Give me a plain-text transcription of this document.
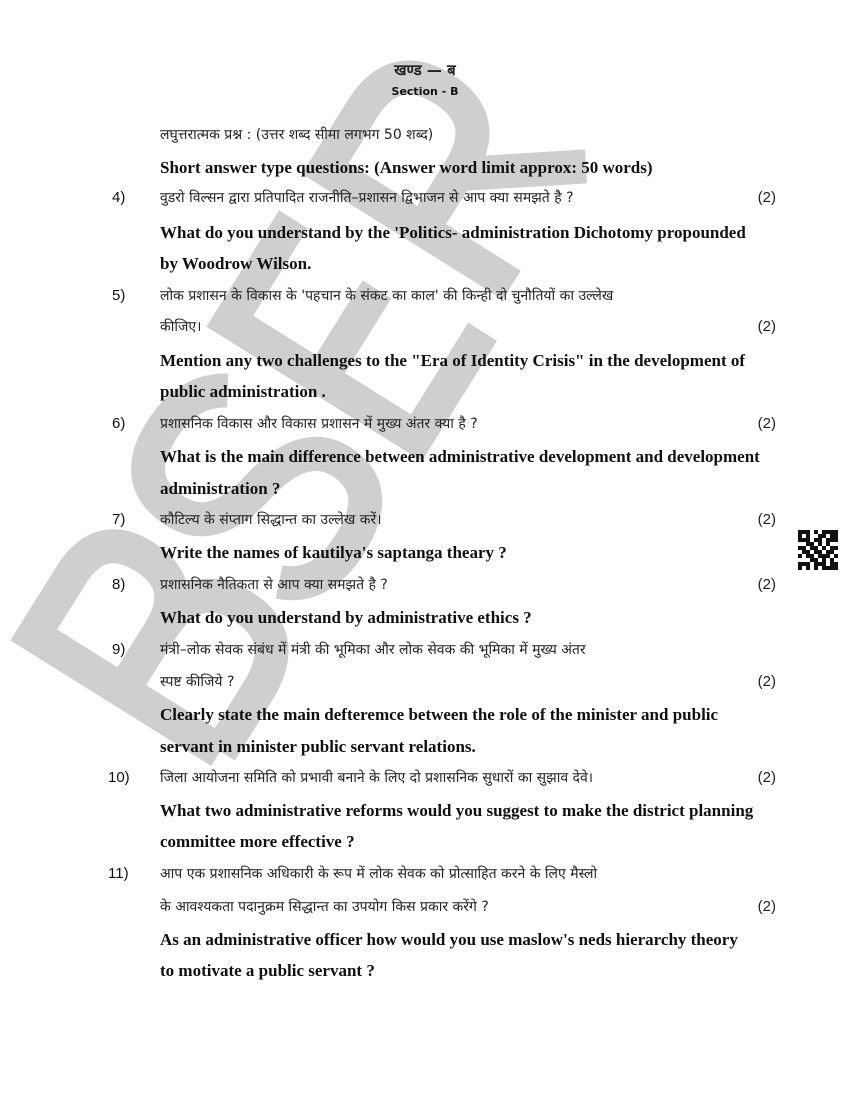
खण्ड — ब
Section - B
लघुत्तरात्मक प्रश्न : (उत्तर शब्द सीमा लगभग 50 शब्द)
Short answer type questions: (Answer word limit approx: 50 words)
4) वुडरो विल्सन द्वारा प्रतिपादित राजनीति–प्रशासन द्विभाजन से आप क्या समझते है ?	(2)
What do you understand by the 'Politics- administration Dichotomy propounded
by Woodrow Wilson.
5) लोक प्रशासन के विकास के 'पहचान के संकट का काल' की किन्ही दो चुनौतियों का उल्लेख
कीजिए।	(2)
Mention any two challenges to the "Era of Identity Crisis" in the development of
public administration .
6) प्रशासनिक विकास और विकास प्रशासन में मुख्य अंतर क्या है ?	(2)
What is the main difference between administrative development and development
administration ?
7) कौटिल्य के संप्ताग सिद्धान्त का उल्लेख करें।	(2)
Write the names of kautilya's saptanga theary ?
8) प्रशासनिक नैतिकता से आप क्या समझते है ?	(2)
What do you understand by administrative ethics ?
9) मंत्री–लोक सेवक संबंध में मंत्री की भूमिका और लोक सेवक की भूमिका में मुख्य अंतर
स्पष्ट कीजिये ?	(2)
Clearly state the main defteremce between the role of the minister and public
servant in minister public servant relations.
10) जिला आयोजना समिति को प्रभावी बनाने के लिए दो प्रशासनिक सुधारों का सुझाव देवे।	(2)
What two administrative reforms would you suggest to make the district planning
committee more effective ?
11) आप एक प्रशासनिक अधिकारी के रूप में लोक सेवक को प्रोत्साहित करने के लिए मैस्लो
के आवश्यकता पदानुक्रम सिद्धान्त का उपयोग किस प्रकार करेंगे ?	(2)
As an administrative officer how would you use maslow's neds hierarchy theory
to motivate a public servant ?
